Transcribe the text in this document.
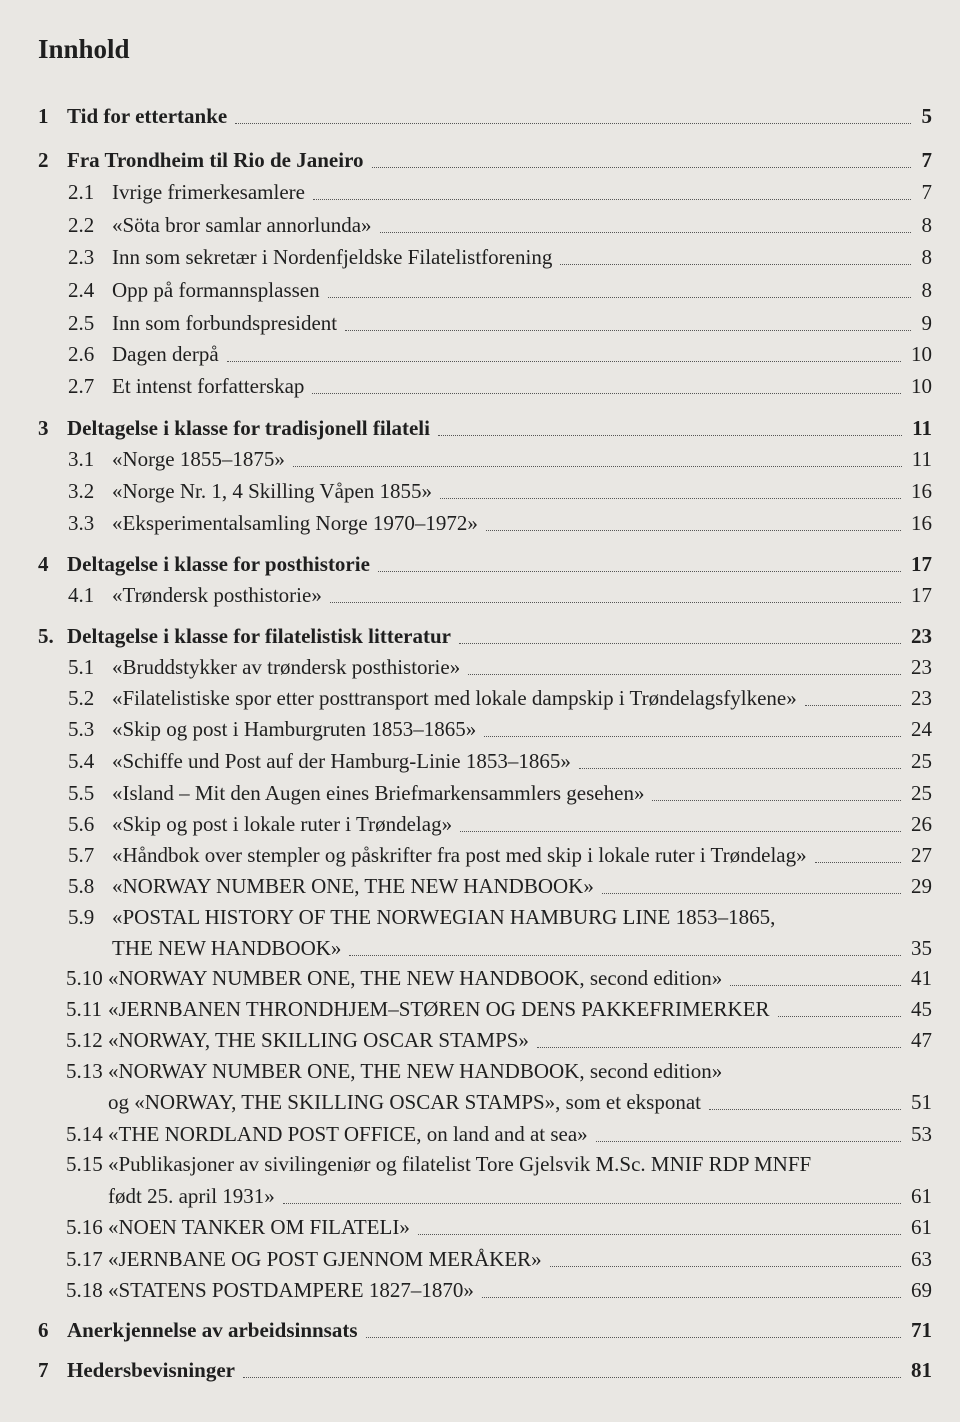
Innhold
1 Tid for ettertanke	5
2 Fra Trondheim til Rio de Janeiro	7
2.1 Ivrige frimerkesamlere	7
2.2 «Söta bror samlar annorlunda»	8
2.3 Inn som sekretær i Nordenfjeldske Filatelistforening	8
2.4 Opp på formannsplassen	8
2.5 Inn som forbundspresident	9
2.6 Dagen derpå	10
2.7 Et intenst forfatterskap	10
3 Deltagelse i klasse for tradisjonell filateli	11
3.1 «Norge 1855–1875»	11
3.2 «Norge Nr. 1, 4 Skilling Våpen 1855»	16
3.3 «Eksperimentalsamling Norge 1970–1972»	16
4 Deltagelse i klasse for posthistorie	17
4.1 «Trøndersk posthistorie»	17
5. Deltagelse i klasse for filatelistisk litteratur	23
5.1 «Bruddstykker av trøndersk posthistorie»	23
5.2 «Filatelistiske spor etter posttransport med lokale dampskip i Trøndelagsfylkene»	23
5.3 «Skip og post i Hamburgruten 1853–1865»	24
5.4 «Schiffe und Post auf der Hamburg-Linie 1853–1865»	25
5.5 «Island – Mit den Augen eines Briefmarkensammlers gesehen»	25
5.6 «Skip og post i lokale ruter i Trøndelag»	26
5.7 «Håndbok over stempler og påskrifter fra post med skip i lokale ruter i Trøndelag»	27
5.8 «NORWAY NUMBER ONE, THE NEW HANDBOOK»	29
5.9 «POSTAL HISTORY OF THE NORWEGIAN HAMBURG LINE 1853–1865,
THE NEW HANDBOOK»	35
5.10 «NORWAY NUMBER ONE, THE NEW HANDBOOK, second edition»	41
5.11 «JERNBANEN THRONDHJEM–STØREN OG DENS PAKKEFRIMERKER	45
5.12 «NORWAY, THE SKILLING OSCAR STAMPS»	47
5.13 «NORWAY NUMBER ONE, THE NEW HANDBOOK, second edition»
og «NORWAY, THE SKILLING OSCAR STAMPS», som et eksponat	51
5.14 «THE NORDLAND POST OFFICE, on land and at sea»	53
5.15 «Publikasjoner av sivilingeniør og filatelist Tore Gjelsvik M.Sc. MNIF RDP MNFF
født 25. april 1931»	61
5.16 «NOEN TANKER OM FILATELI»	61
5.17 «JERNBANE OG POST GJENNOM MERÅKER»	63
5.18 «STATENS POSTDAMPERE 1827–1870»	69
6 Anerkjennelse av arbeidsinnsats	71
7 Hedersbevisninger	81
